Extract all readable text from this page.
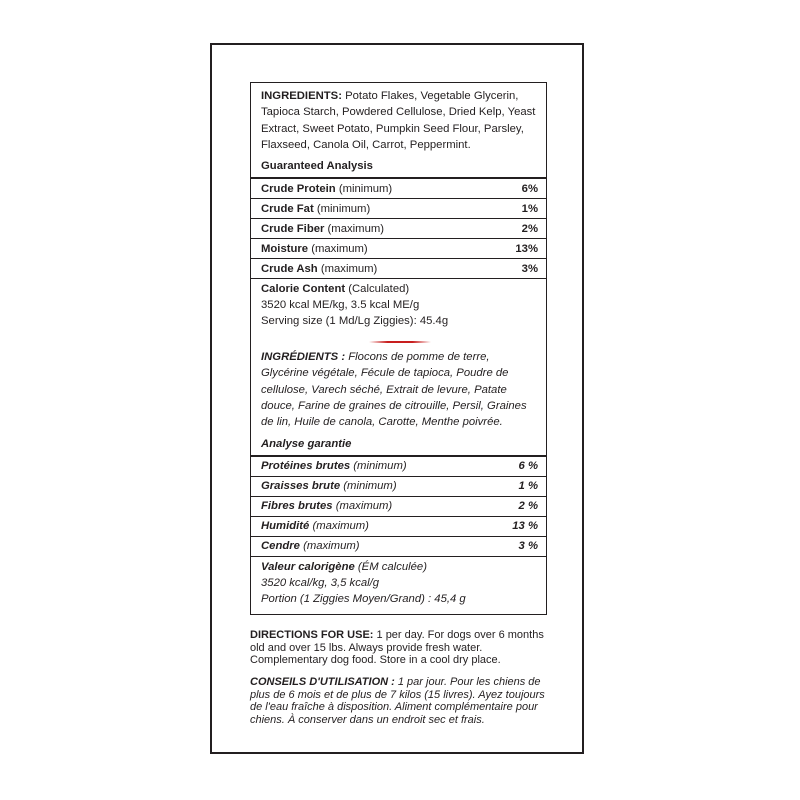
INGREDIENTS: Potato Flakes, Vegetable Glycerin, Tapioca Starch, Powdered Cellulose, Dried Kelp, Yeast Extract, Sweet Potato, Pumpkin Seed Flour, Parsley, Flaxseed, Canola Oil, Carrot, Peppermint.

Guaranteed Analysis
Crude Protein (minimum)	6%
Crude Fat (minimum)	1%
Crude Fiber (maximum)	2%
Moisture (maximum)	13%
Crude Ash (maximum)	3%

Calorie Content (Calculated)
3520 kcal ME/kg, 3.5 kcal ME/g
Serving size (1 Md/Lg Ziggies): 45.4g

INGRÉDIENTS : Flocons de pomme de terre, Glycérine végétale, Fécule de tapioca, Poudre de cellulose, Varech séché, Extrait de levure, Patate douce, Farine de graines de citrouille, Persil, Graines de lin, Huile de canola, Carotte, Menthe poivrée.

Analyse garantie
Protéines brutes (minimum)	6 %
Graisses brute (minimum)	1 %
Fibres brutes (maximum)	2 %
Humidité (maximum)	13 %
Cendre (maximum)	3 %

Valeur calorigène (ÉM calculée)
3520 kcal/kg, 3,5 kcal/g
Portion (1 Ziggies Moyen/Grand) : 45,4 g

DIRECTIONS FOR USE: 1 per day. For dogs over 6 months old and over 15 lbs. Always provide fresh water. Complementary dog food. Store in a cool dry place.

CONSEILS D'UTILISATION : 1 par jour. Pour les chiens de plus de 6 mois et de plus de 7 kilos (15 livres). Ayez toujours de l'eau fraîche à disposition. Aliment complémentaire pour chiens. À conserver dans un endroit sec et frais.
